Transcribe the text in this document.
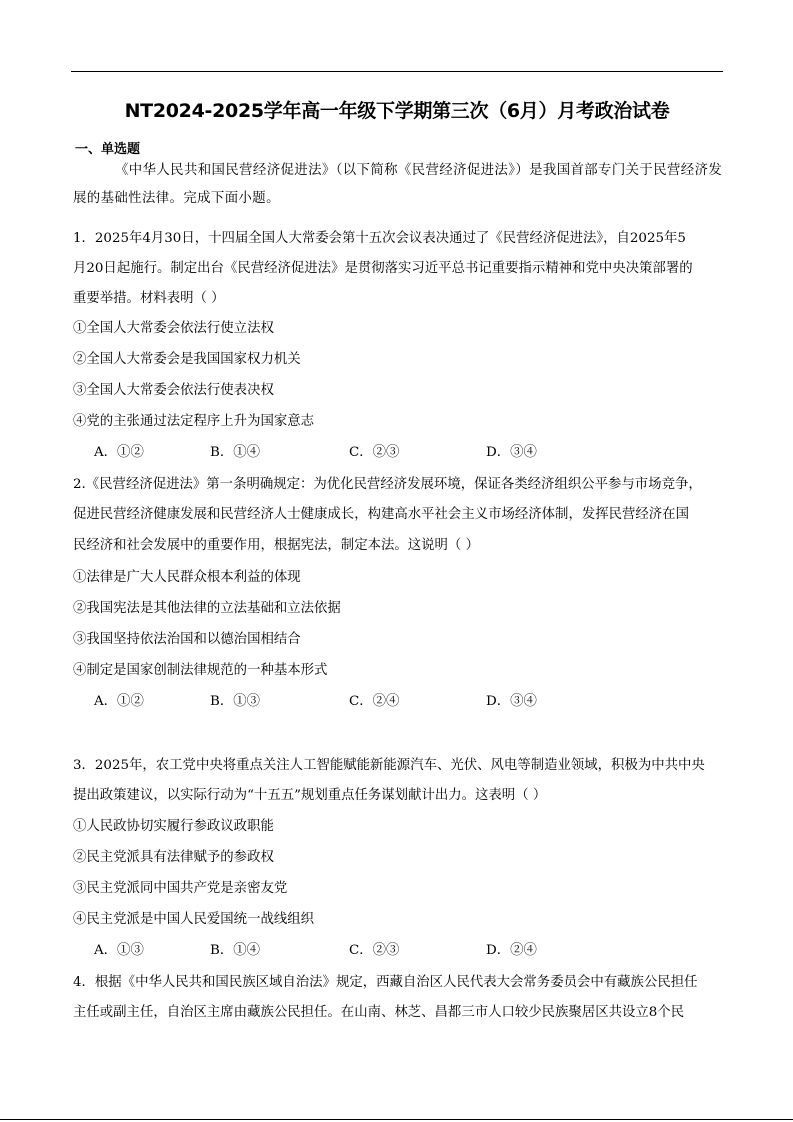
NT2024-2025学年高一年级下学期第三次（6月）月考政治试卷
一、单选题
《中华人民共和国民营经济促进法》（以下简称《民营经济促进法》）是我国首部专门关于民营经济发
展的基础性法律。完成下面小题。
1．2025年4月30日，十四届全国人大常委会第十五次会议表决通过了《民营经济促进法》，自2025年5
月20日起施行。制定出台《民营经济促进法》是贯彻落实习近平总书记重要指示精神和党中央决策部署的
重要举措。材料表明（ ）
①全国人大常委会依法行使立法权
②全国人大常委会是我国国家权力机关
③全国人大常委会依法行使表决权
④党的主张通过法定程序上升为国家意志
A．①②	B．①④	C．②③	D．③④
2.《民营经济促进法》第一条明确规定：为优化民营经济发展环境，保证各类经济组织公平参与市场竞争，
促进民营经济健康发展和民营经济人士健康成长，构建高水平社会主义市场经济体制，发挥民营经济在国
民经济和社会发展中的重要作用，根据宪法，制定本法。这说明（ ）
①法律是广大人民群众根本利益的体现
②我国宪法是其他法律的立法基础和立法依据
③我国坚持依法治国和以德治国相结合
④制定是国家创制法律规范的一种基本形式
A．①②	B．①③	C．②④	D．③④
3．2025年，农工党中央将重点关注人工智能赋能新能源汽车、光伏、风电等制造业领域，积极为中共中央
提出政策建议，以实际行动为“十五五”规划重点任务谋划献计出力。这表明（ ）
①人民政协切实履行参政议政职能
②民主党派具有法律赋予的参政权
③民主党派同中国共产党是亲密友党
④民主党派是中国人民爱国统一战线组织
A．①③	B．①④	C．②③	D．②④
4．根据《中华人民共和国民族区域自治法》规定，西藏自治区人民代表大会常务委员会中有藏族公民担任
主任或副主任，自治区主席由藏族公民担任。在山南、林芝、昌都三市人口较少民族聚居区共设立8个民
